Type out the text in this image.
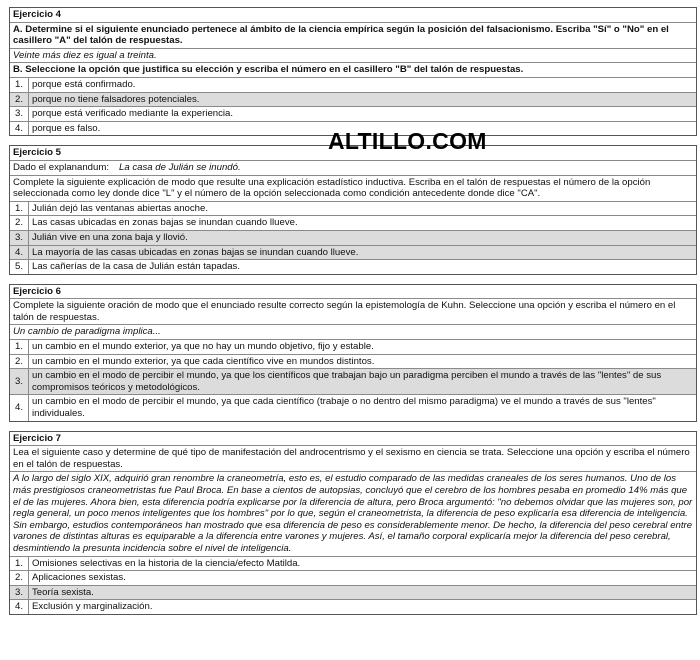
Ejercicio 4
A. Determine si el siguiente enunciado pertenece al ámbito de la ciencia empírica según la posición del falsacionismo. Escriba "Sí" o "No" en el casillero "A" del talón de respuestas.
Veinte más diez es igual a treinta.
B. Seleccione la opción que justifica su elección y escriba el número en el casillero "B" del talón de respuestas.
1. porque está confirmado.
2. porque no tiene falsadores potenciales.
3. porque está verificado mediante la experiencia.
4. porque es falso.
Ejercicio 5
Dado el explanandum: La casa de Julián se inundó.
Complete la siguiente explicación de modo que resulte una explicación estadístico inductiva. Escriba en el talón de respuestas el número de la opción seleccionada como ley donde dice "L" y el número de la opción seleccionada como condición antecedente donde dice "CA".
1. Julián dejó las ventanas abiertas anoche.
2. Las casas ubicadas en zonas bajas se inundan cuando llueve.
3. Julián vive en una zona baja y llovió.
4. La mayoría de las casas ubicadas en zonas bajas se inundan cuando llueve.
5. Las cañerías de la casa de Julián están tapadas.
Ejercicio 6
Complete la siguiente oración de modo que el enunciado resulte correcto según la epistemología de Kuhn. Seleccione una opción y escriba el número en el talón de respuestas.
Un cambio de paradigma implica...
1. un cambio en el mundo exterior, ya que no hay un mundo objetivo, fijo y estable.
2. un cambio en el mundo exterior, ya que cada científico vive en mundos distintos.
3.
un cambio en el modo de percibir el mundo, ya que los científicos que trabajan bajo un paradigma perciben el mundo a través de las "lentes" de sus compromisos teóricos y metodológicos.
4.
un cambio en el modo de percibir el mundo, ya que cada científico (trabaje o no dentro del mismo paradigma) ve el mundo a través de sus "lentes" individuales.
Ejercicio 7
Lea el siguiente caso y determine de qué tipo de manifestación del androcentrismo y el sexismo en ciencia se trata. Seleccione una opción y escriba el número en el talón de respuestas.
A lo largo del siglo XIX, adquirió gran renombre la craneometría, esto es, el estudio comparado de las medidas craneales de los seres humanos. Uno de los más prestigiosos craneometristas fue Paul Broca. En base a cientos de autopsias, concluyó que el cerebro de los hombres pesaba en promedio 14% más que el de las mujeres. Ahora bien, esta diferencia podría explicarse por la diferencia de altura, pero Broca argumentó: "no debemos olvidar que las mujeres son, por regla general, un poco menos inteligentes que los hombres" por lo que, según el craneometrista, la diferencia de peso explicaría esa diferencia de inteligencia. Sin embargo, estudios contemporáneos han mostrado que esa diferencia de peso es considerablemente menor. De hecho, la diferencia del peso cerebral entre varones de distintas alturas es equiparable a la diferencia entre varones y mujeres. Así, el tamaño corporal explicaría mejor la diferencia del peso cerebral, desmintiendo la presunta incidencia sobre el nivel de inteligencia.
1. Omisiones selectivas en la historia de la ciencia/efecto Matilda.
2. Aplicaciones sexistas.
3. Teoría sexista.
4. Exclusión y marginalización.
ALTILLO.COM
